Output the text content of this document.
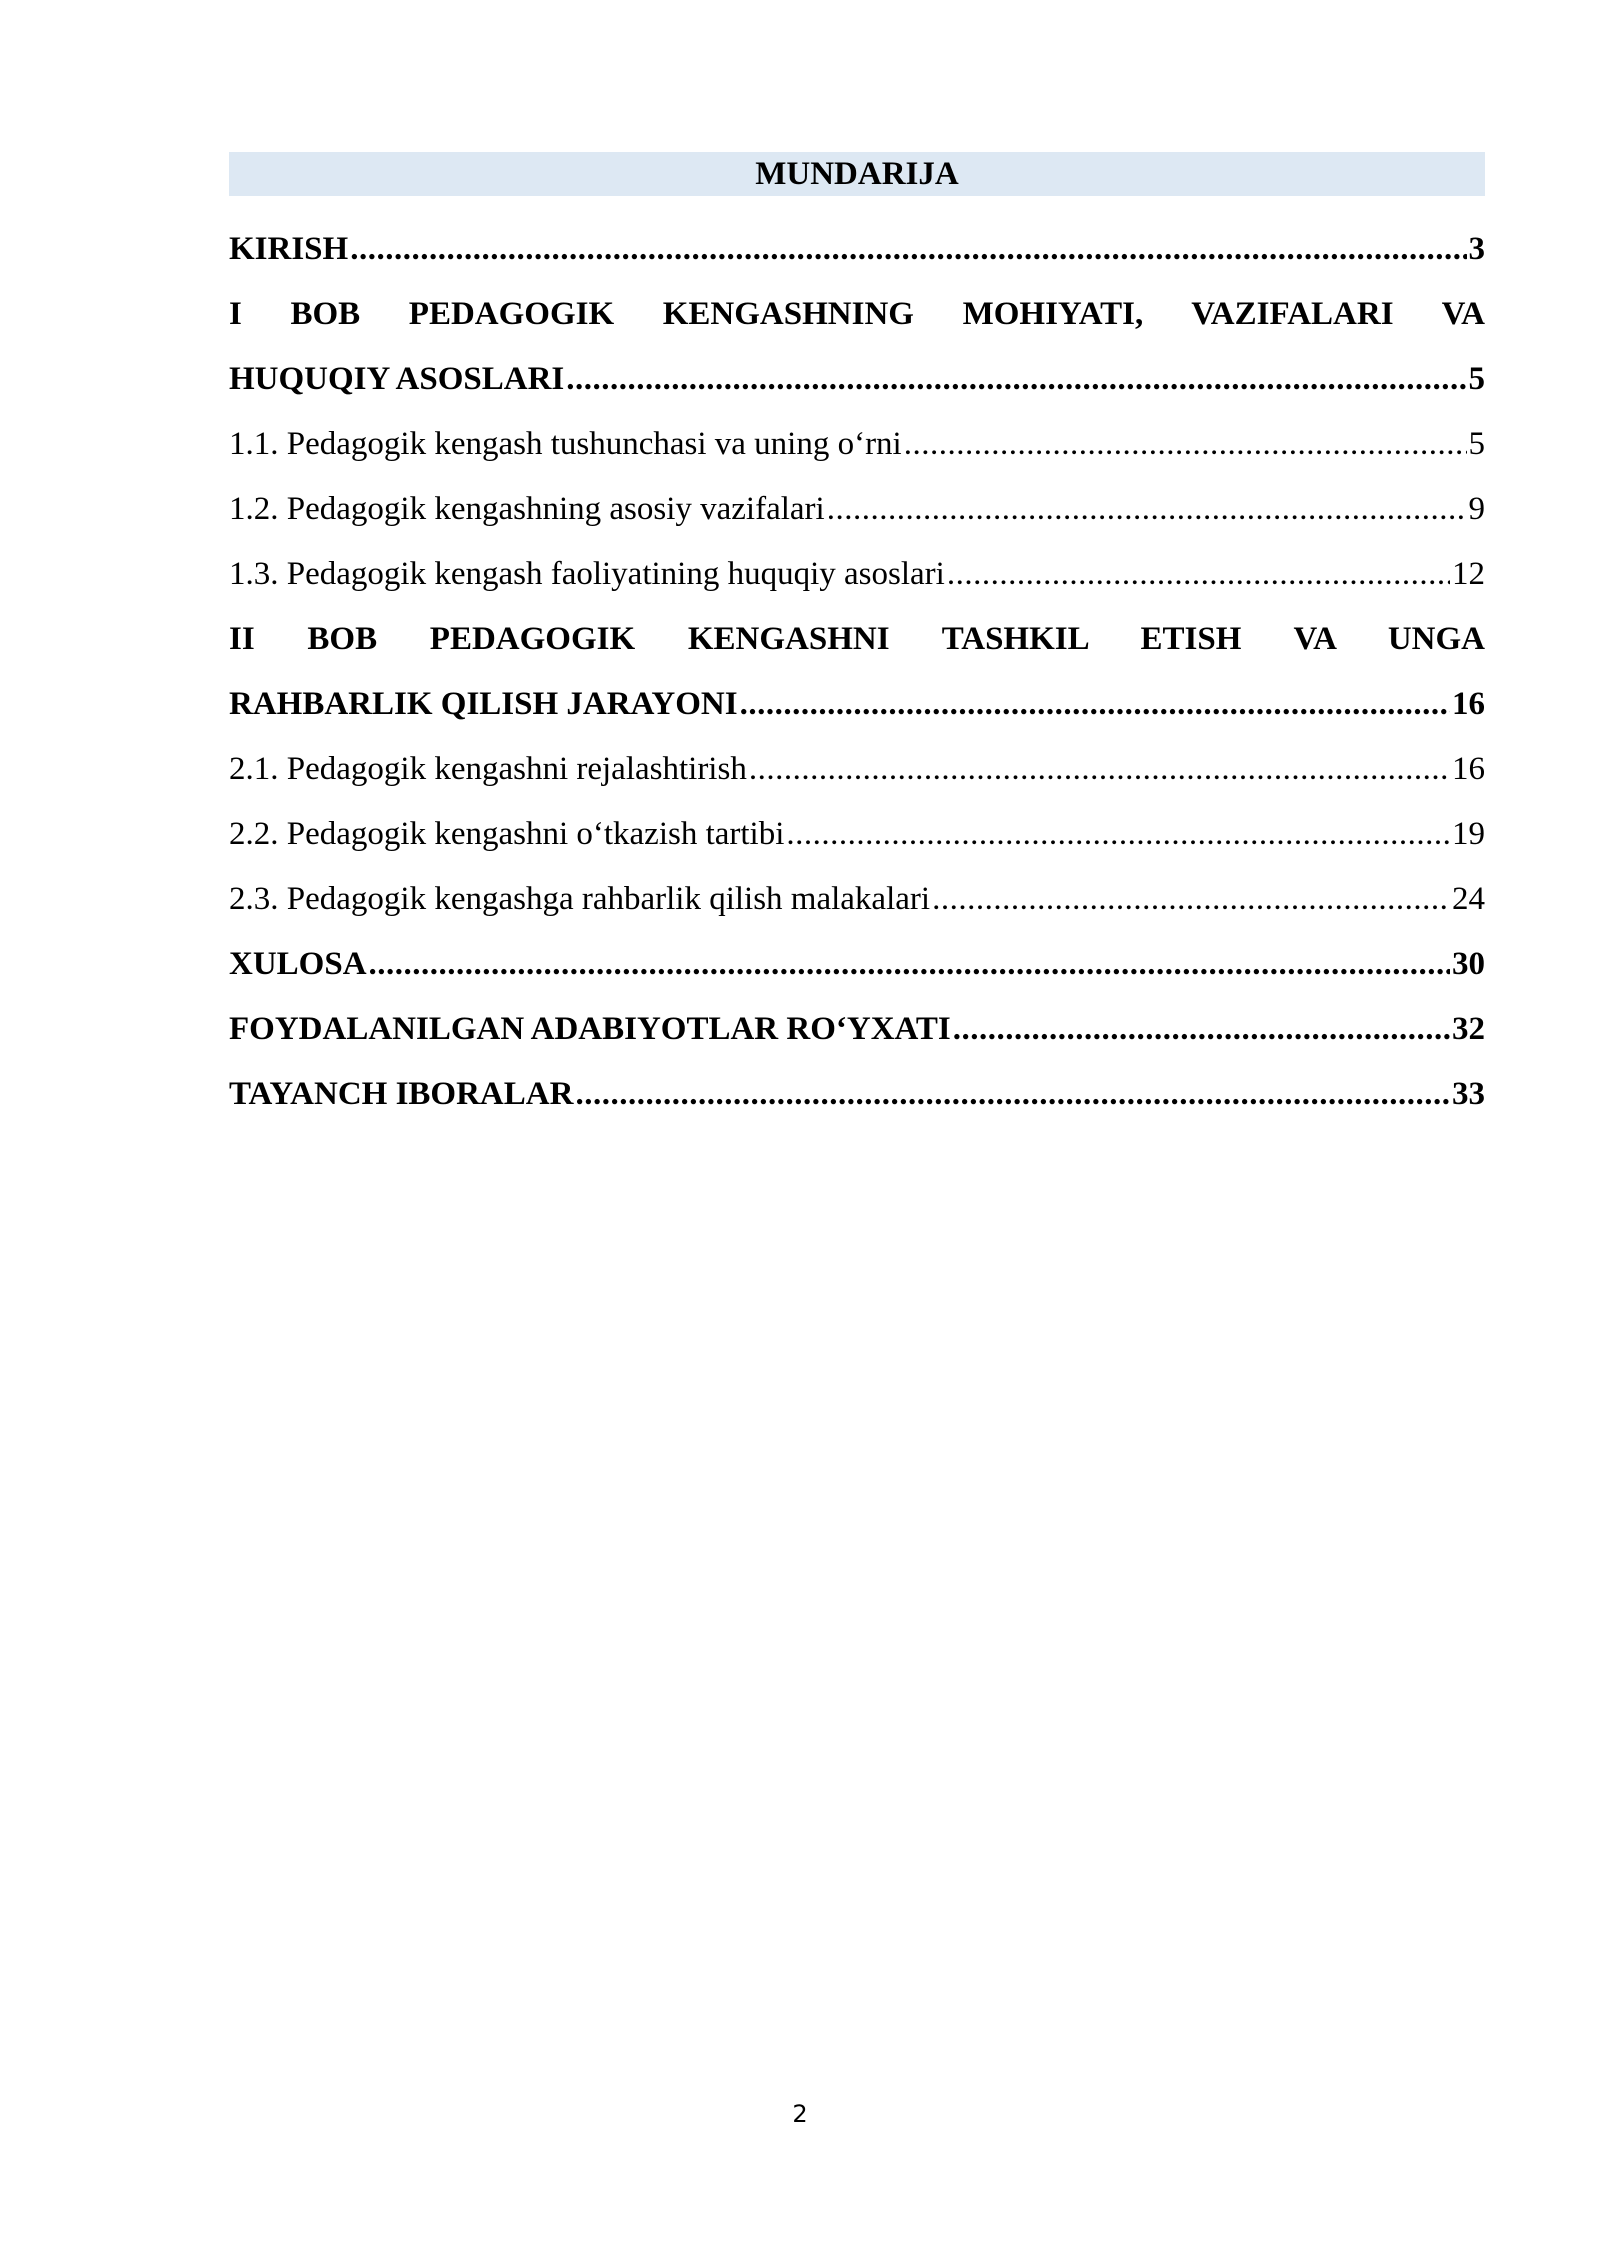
MUNDARIJA
KIRISH .....	3
I BOB PEDAGOGIK KENGASHNING MOHIYATI, VAZIFALARI VA
HUQUQIY ASOSLARI .....	5
1.1. Pedagogik kengash tushunchasi va uning o‘rni .....	5
1.2. Pedagogik kengashning asosiy vazifalari .....	9
1.3. Pedagogik kengash faoliyatining huquqiy asoslari .....	12
II BOB PEDAGOGIK KENGASHNI TASHKIL ETISH VA UNGA
RAHBARLIK QILISH JARAYONI .....	16
2.1. Pedagogik kengashni rejalashtirish .....	16
2.2. Pedagogik kengashni o‘tkazish tartibi .....	19
2.3. Pedagogik kengashga rahbarlik qilish malakalari .....	24
XULOSA .....	30
FOYDALANILGAN ADABIYOTLAR RO‘YXATI .....	32
TAYANCH IBORALAR .....	33
2
